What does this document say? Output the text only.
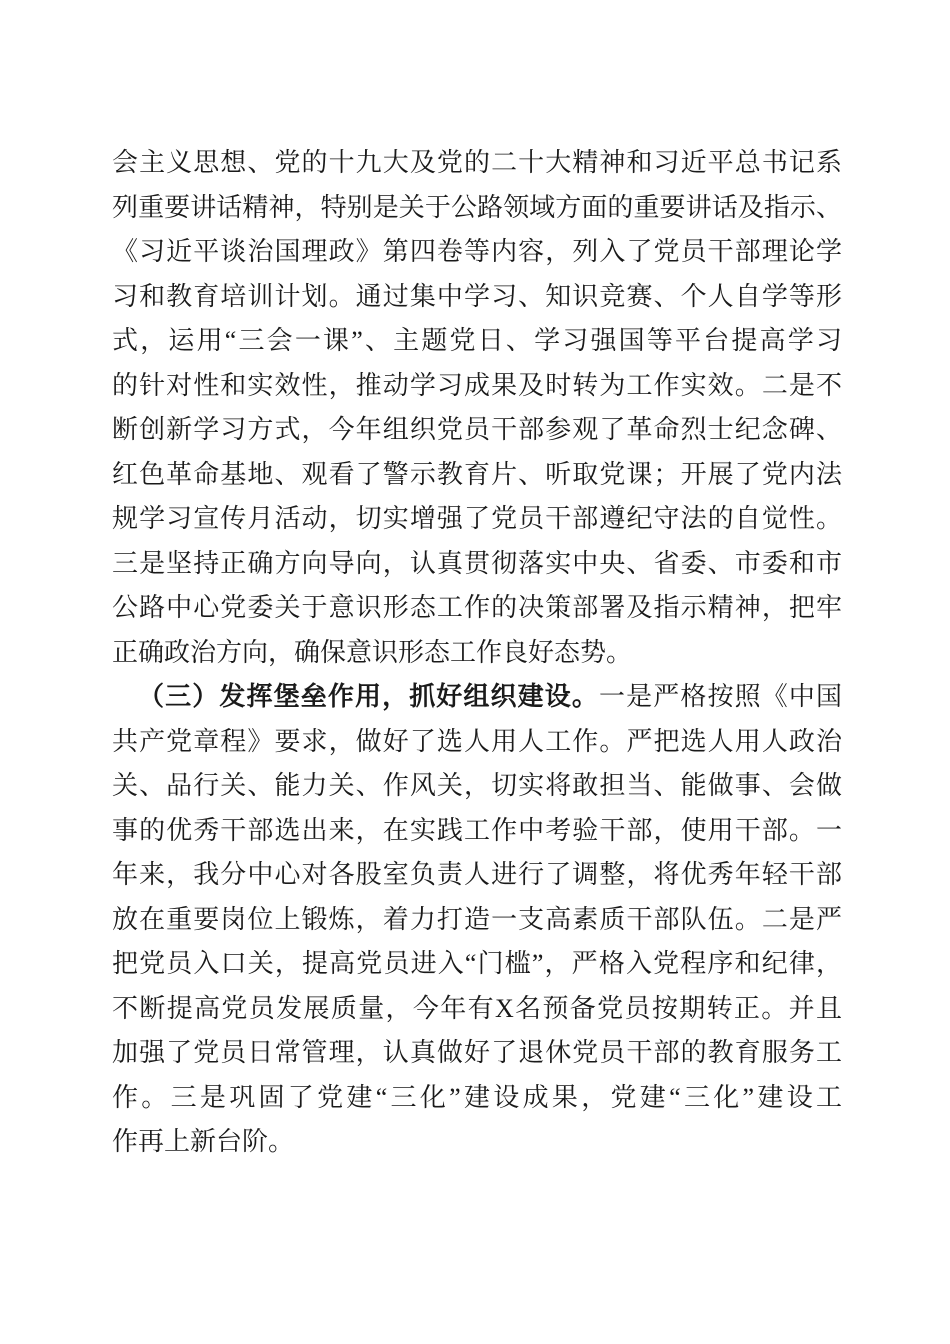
会主义思想、党的十九大及党的二十大精神和习近平总书记系
列重要讲话精神，特别是关于公路领域方面的重要讲话及指示、
《习近平谈治国理政》第四卷等内容，列入了党员干部理论学
习和教育培训计划。通过集中学习、知识竞赛、个人自学等形
式，运用“三会一课”、主题党日、学习强国等平台提高学习
的针对性和实效性，推动学习成果及时转为工作实效。二是不
断创新学习方式，今年组织党员干部参观了革命烈士纪念碑、
红色革命基地、观看了警示教育片、听取党课；开展了党内法
规学习宣传月活动，切实增强了党员干部遵纪守法的自觉性。
三是坚持正确方向导向，认真贯彻落实中央、省委、市委和市
公路中心党委关于意识形态工作的决策部署及指示精神，把牢
正确政治方向，确保意识形态工作良好态势。
（三）发挥堡垒作用，抓好组织建设。一是严格按照《中国
共产党章程》要求，做好了选人用人工作。严把选人用人政治
关、品行关、能力关、作风关，切实将敢担当、能做事、会做
事的优秀干部选出来，在实践工作中考验干部，使用干部。一
年来，我分中心对各股室负责人进行了调整，将优秀年轻干部
放在重要岗位上锻炼，着力打造一支高素质干部队伍。二是严
把党员入口关，提高党员进入“门槛”，严格入党程序和纪律，
不断提高党员发展质量，今年有X名预备党员按期转正。并且
加强了党员日常管理，认真做好了退休党员干部的教育服务工
作。三是巩固了党建“三化”建设成果，党建“三化”建设工
作再上新台阶。
